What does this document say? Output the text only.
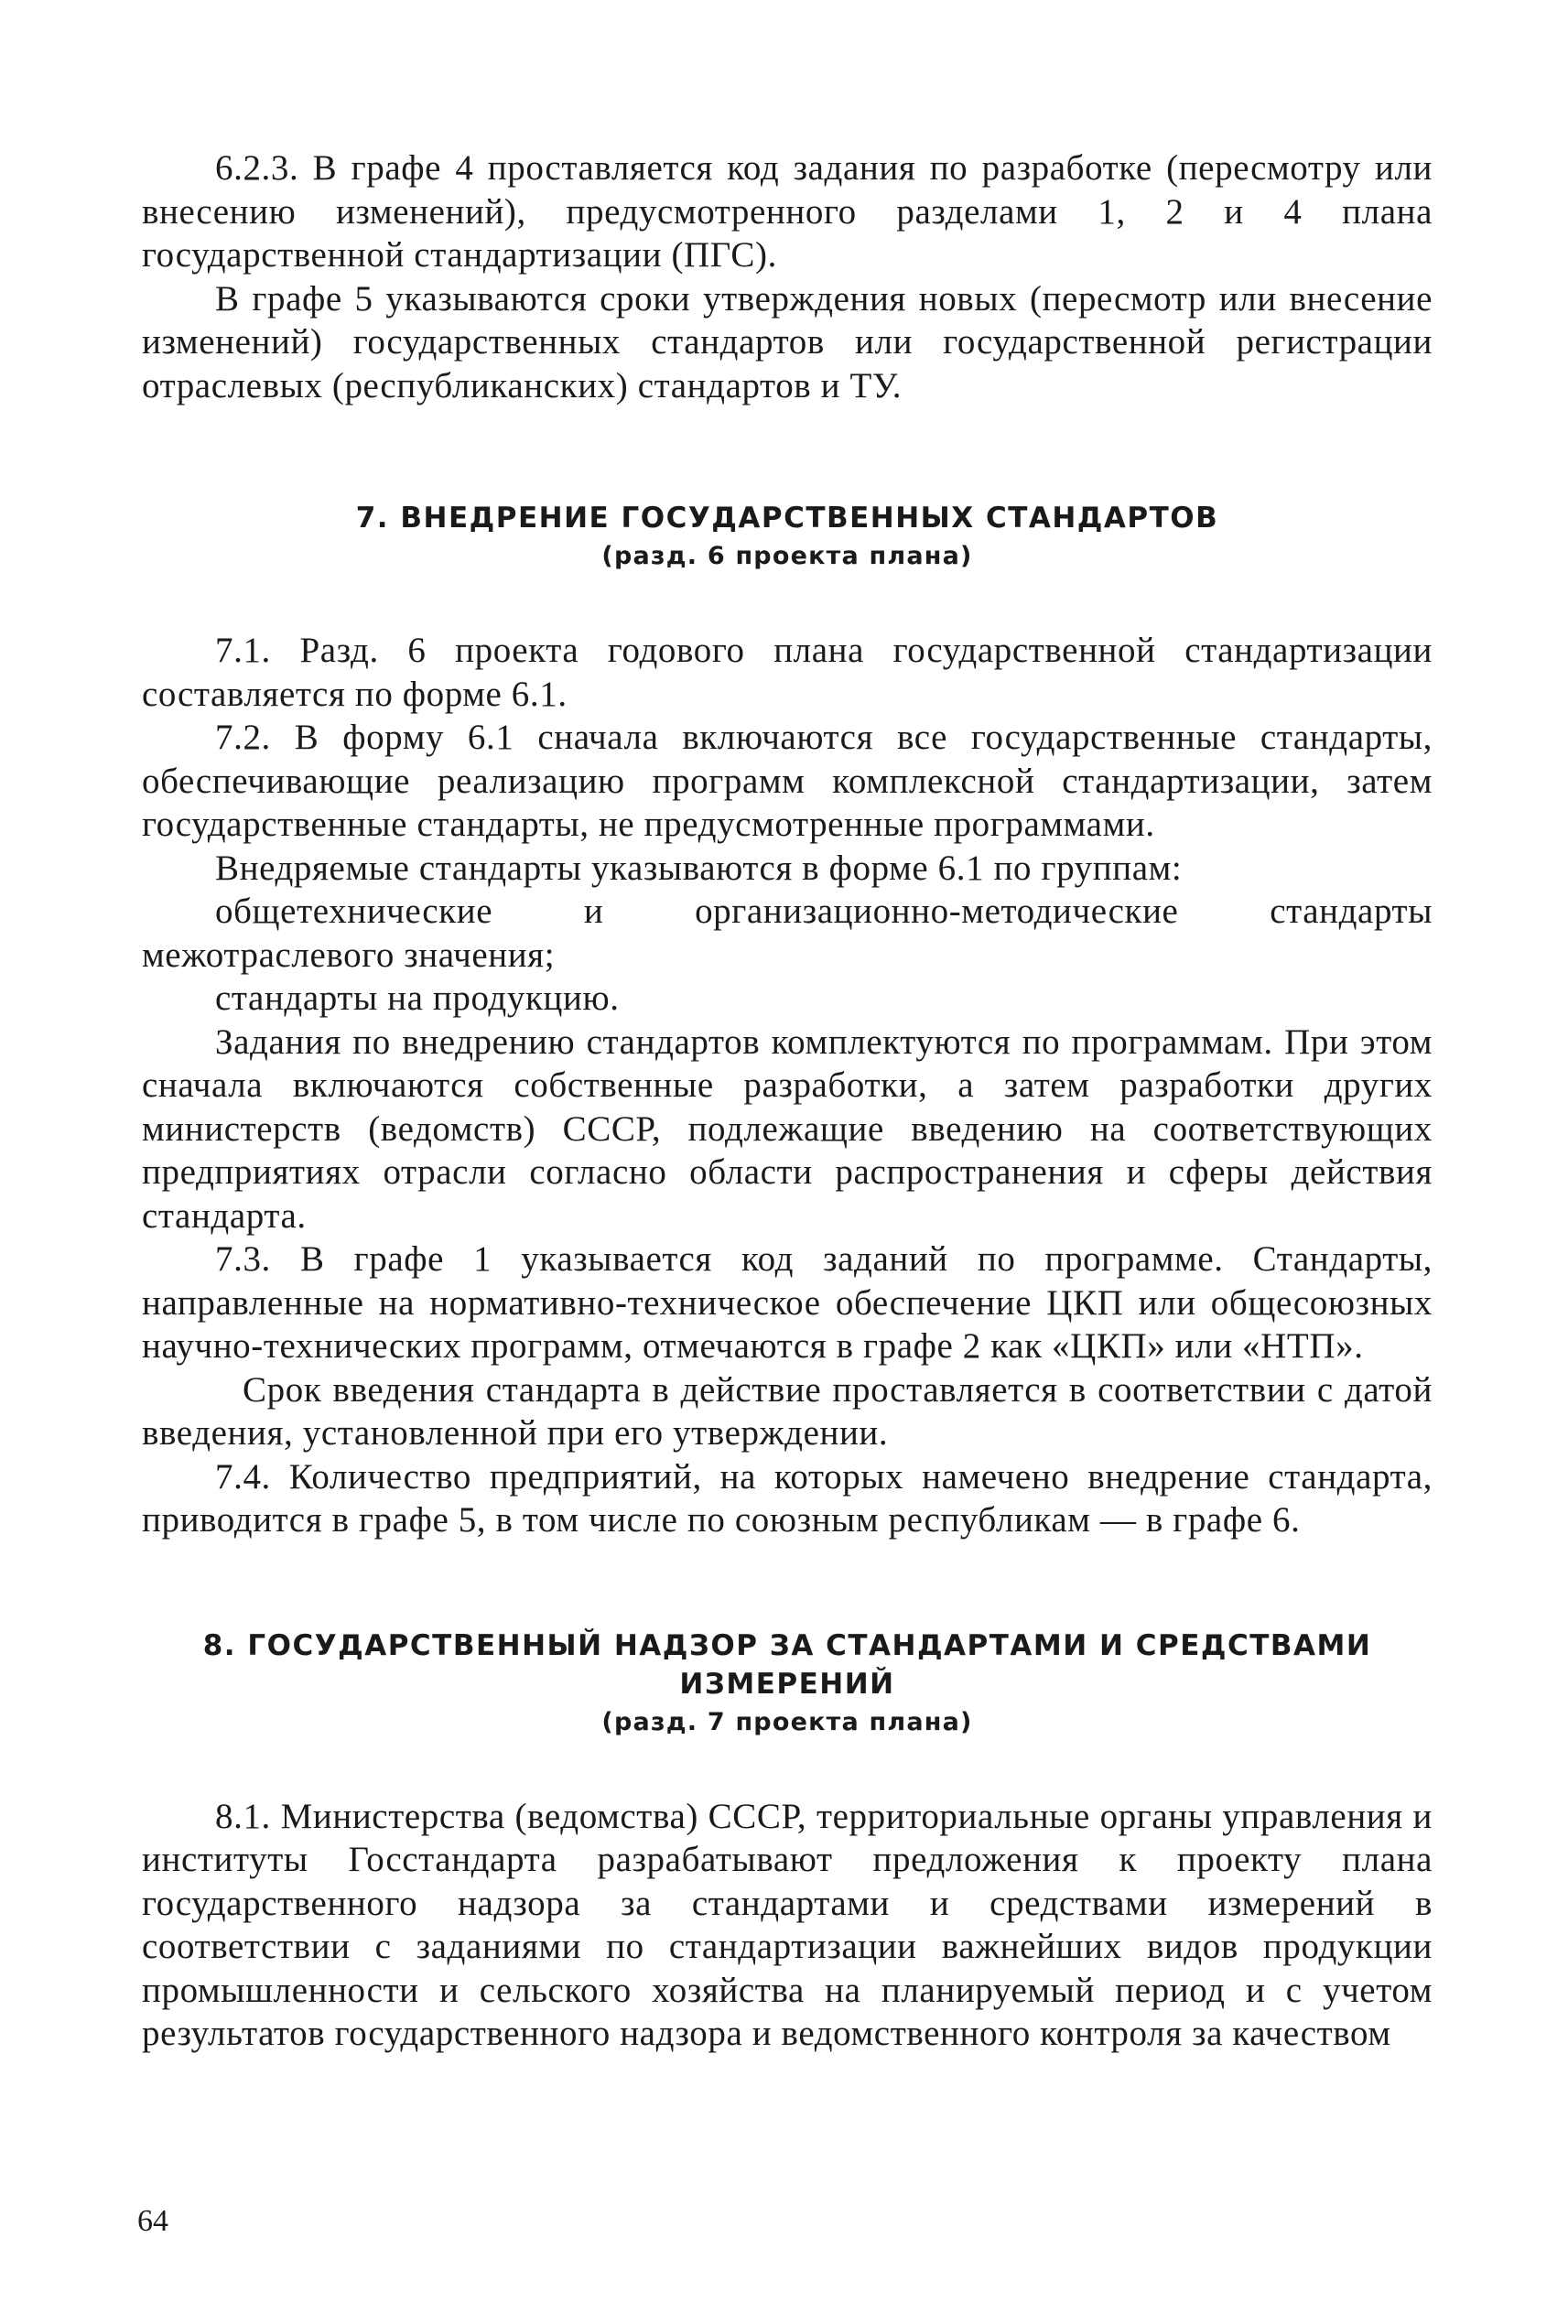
6.2.3. В графе 4 проставляется код задания по разработке (пересмотру или внесению изменений), предусмотренного разделами 1, 2 и 4 плана государственной стандартизации (ПГС).

В графе 5 указываются сроки утверждения новых (пересмотр или внесение изменений) государственных стандартов или государственной регистрации отраслевых (республиканских) стандартов и ТУ.

7. ВНЕДРЕНИЕ ГОСУДАРСТВЕННЫХ СТАНДАРТОВ
(разд. 6 проекта плана)

7.1. Разд. 6 проекта годового плана государственной стандартизации составляется по форме 6.1.

7.2. В форму 6.1 сначала включаются все государственные стандарты, обеспечивающие реализацию программ комплексной стандартизации, затем государственные стандарты, не предусмотренные программами.

Внедряемые стандарты указываются в форме 6.1 по группам:

общетехнические и организационно-методические стандарты межотраслевого значения;

стандарты на продукцию.

Задания по внедрению стандартов комплектуются по программам. При этом сначала включаются собственные разработки, а затем разработки других министерств (ведомств) СССР, подлежащие введению на соответствующих предприятиях отрасли согласно области распространения и сферы действия стандарта.

7.3. В графе 1 указывается код заданий по программе. Стандарты, направленные на нормативно-техническое обеспечение ЦКП или общесоюзных научно-технических программ, отмечаются в графе 2 как «ЦКП» или «НТП».

Срок введения стандарта в действие проставляется в соответствии с датой введения, установленной при его утверждении.

7.4. Количество предприятий, на которых намечено внедрение стандарта, приводится в графе 5, в том числе по союзным республикам — в графе 6.

8. ГОСУДАРСТВЕННЫЙ НАДЗОР ЗА СТАНДАРТАМИ И СРЕДСТВАМИ
ИЗМЕРЕНИЙ
(разд. 7 проекта плана)

8.1. Министерства (ведомства) СССР, территориальные органы управления и институты Госстандарта разрабатывают предложения к проекту плана государственного надзора за стандартами и средствами измерений в соответствии с заданиями по стандартизации важнейших видов продукции промышленности и сельского хозяйства на планируемый период и с учетом результатов государственного надзора и ведомственного контроля за качеством

64
